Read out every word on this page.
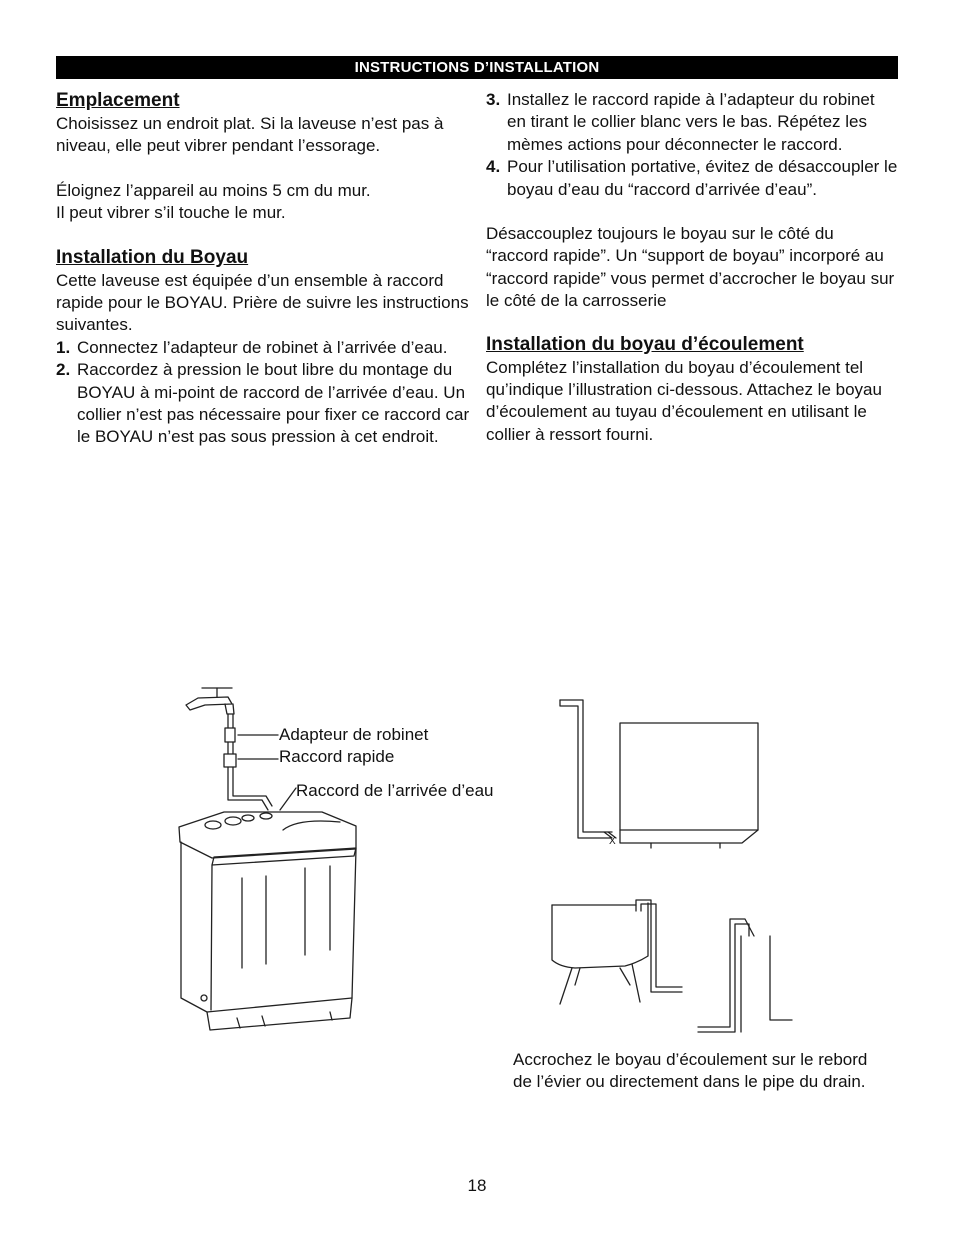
INSTRUCTIONS D’INSTALLATION

Emplacement

Choisissez un endroit plat. Si la laveuse n’est pas à niveau, elle peut vibrer pendant l’essorage.

Éloignez l’appareil au moins 5 cm du mur.

Il peut vibrer s’il touche le mur.

Installation du Boyau

Cette laveuse est équipée d’un ensemble à raccord rapide pour le BOYAU. Prière de suivre les instructions suivantes.

1. Connectez l’adapteur de robinet à l’arrivée d’eau.
2. Raccordez à pression le bout libre du montage du BOYAU à mi-point de raccord de l’arrivée d’eau. Un collier n’est pas nécessaire pour fixer ce raccord car le BOYAU n’est pas sous pression à cet endroit.
3. Installez le raccord rapide à l’adapteur du robinet en tirant le collier blanc vers le bas. Répétez les mèmes actions pour déconnecter le raccord.
4. Pour l’utilisation portative, évitez de désaccoupler le boyau d’eau du “raccord d’arrivée d’eau”.

Désaccouplez toujours le boyau sur le côté du “raccord rapide”. Un “support de boyau” incorporé au “raccord rapide” vous permet d’accrocher le boyau sur le côté de la carrosserie

Installation du boyau d’écoulement

Complétez l’installation du boyau d’écoulement tel qu’indique l’illustration ci-dessous. Attachez le boyau d’écoulement au tuyau d’écoulement en utilisant le collier à ressort fourni.

Adapteur de robinet
Raccord rapide
Raccord de l’arrivée d’eau
X
Accrochez le boyau d’écoulement sur le rebord de l’évier ou directement dans le pipe du drain.
18
